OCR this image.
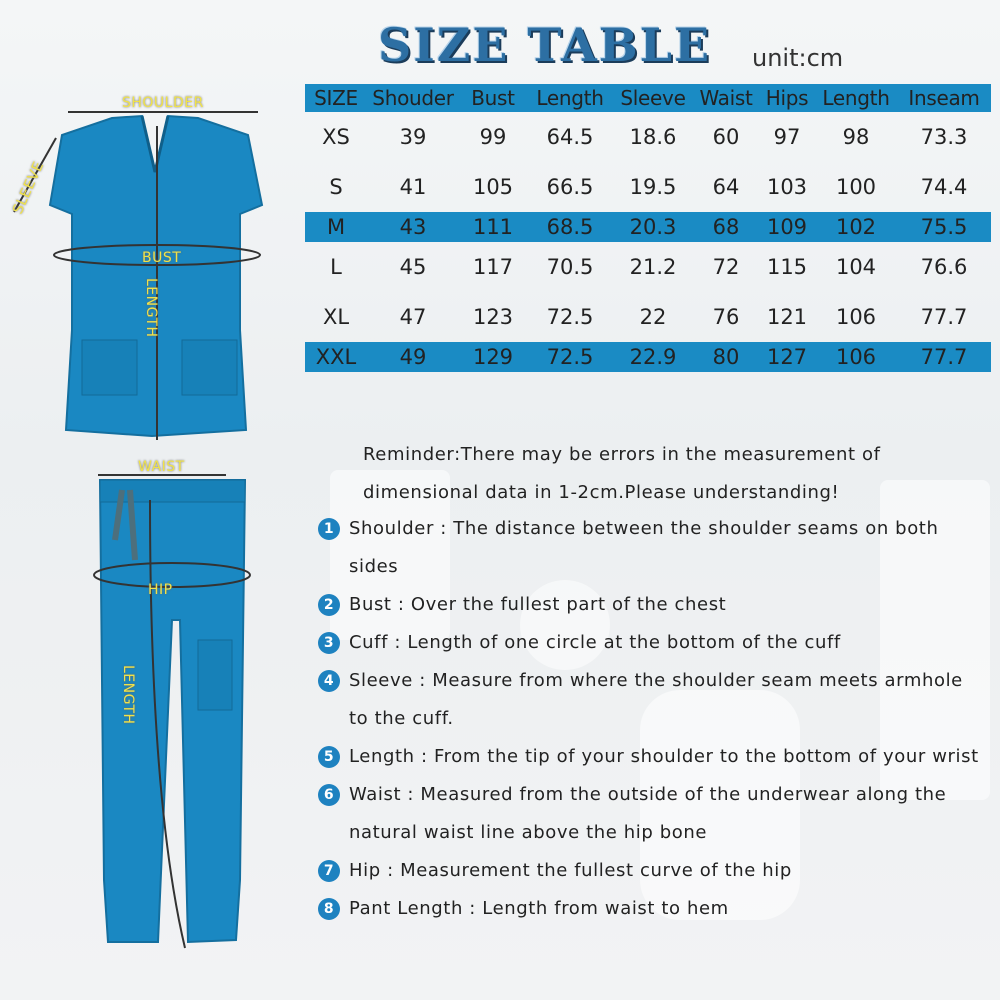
SIZE TABLE unit:cm
SIZE	Shouder	Bust	Length	Sleeve	Waist	Hips	Length	Inseam
XS	39	99	64.5	18.6	60	97	98	73.3
S	41	105	66.5	19.5	64	103	100	74.4
M	43	111	68.5	20.3	68	109	102	75.5
L	45	117	70.5	21.2	72	115	104	76.6
XL	47	123	72.5	22	76	121	106	77.7
XXL	49	129	72.5	22.9	80	127	106	77.7
Reminder:There may be errors in the measurement of dimensional data in 1-2cm.Please understanding!
1 Shoulder : The distance between the shoulder seams on both sides
2 Bust : Over the fullest part of the chest
3 Cuff : Length of one circle at the bottom of the cuff
4 Sleeve : Measure from where the shoulder seam meets armhole to the cuff.
5 Length : From the tip of your shoulder to the bottom of your wrist
6 Waist : Measured from the outside of the underwear along the natural waist line above the hip bone
7 Hip : Measurement the fullest curve of the hip
8 Pant Length : Length from waist to hem
SHOULDER
SLEEVE
BUST
LENGTH
WAIST
HIP
LENGTH
